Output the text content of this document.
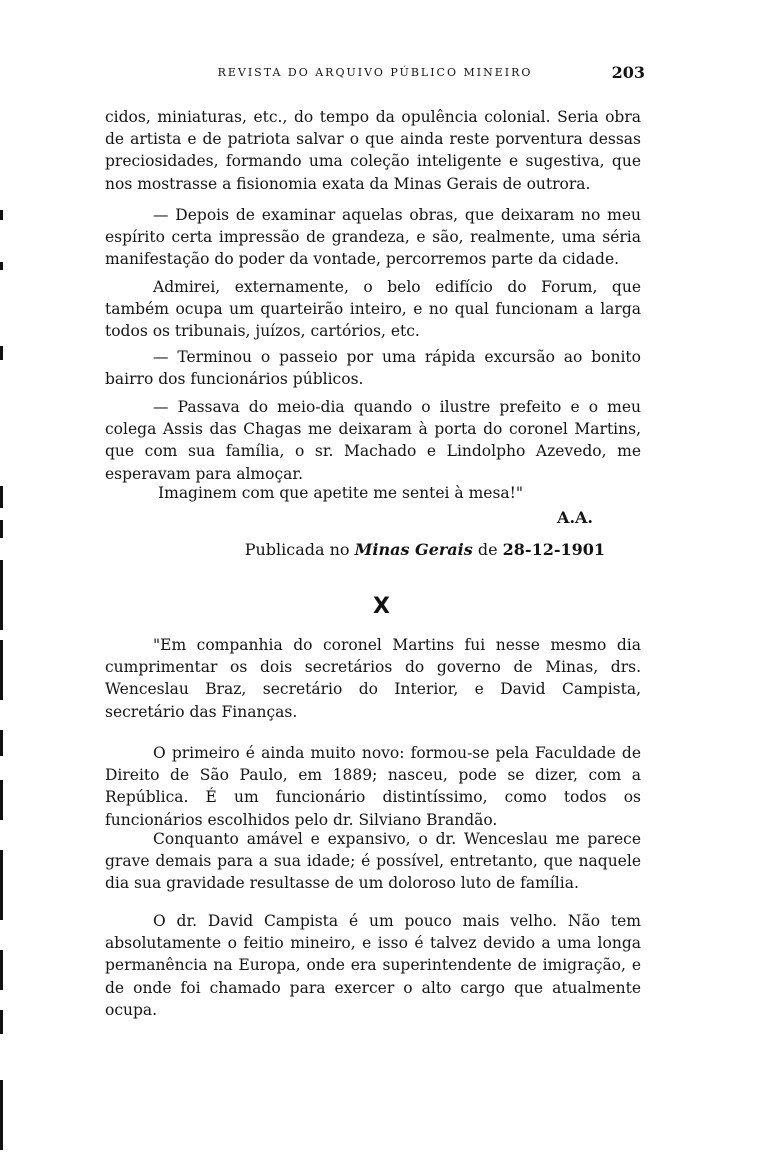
REVISTA DO ARQUIVO PÚBLICO MINEIRO	203

cidos, miniaturas, etc., do tempo da opulência colonial. Seria obra de artista e de patriota salvar o que ainda reste porventura dessas preciosidades, formando uma coleção inteligente e sugestiva, que nos mostrasse a fisionomia exata da Minas Gerais de outrora.

— Depois de examinar aquelas obras, que deixaram no meu espírito certa impressão de grandeza, e são, realmente, uma séria manifestação do poder da vontade, percorremos parte da cidade.

Admirei, externamente, o belo edifício do Forum, que também ocupa um quarteirão inteiro, e no qual funcionam a larga todos os tribunais, juízos, cartórios, etc.

— Terminou o passeio por uma rápida excursão ao bonito bairro dos funcionários públicos.

— Passava do meio-dia quando o ilustre prefeito e o meu colega Assis das Chagas me deixaram à porta do coronel Martins, que com sua família, o sr. Machado e Lindolpho Azevedo, me esperavam para almoçar.

Imaginem com que apetite me sentei à mesa!"
A.A.
Publicada no Minas Gerais de 28-12-1901
X

"Em companhia do coronel Martins fui nesse mesmo dia cumprimentar os dois secretários do governo de Minas, drs. Wenceslau Braz, secretário do Interior, e David Campista, secretário das Finanças.

O primeiro é ainda muito novo: formou-se pela Faculdade de Direito de São Paulo, em 1889; nasceu, pode se dizer, com a República. É um funcionário distintíssimo, como todos os funcionários escolhidos pelo dr. Silviano Brandão.

Conquanto amável e expansivo, o dr. Wenceslau me parece grave demais para a sua idade; é possível, entretanto, que naquele dia sua gravidade resultasse de um doloroso luto de família.

O dr. David Campista é um pouco mais velho. Não tem absolutamente o feitio mineiro, e isso é talvez devido a uma longa permanência na Europa, onde era superintendente de imigração, e de onde foi chamado para exercer o alto cargo que atualmente ocupa.
